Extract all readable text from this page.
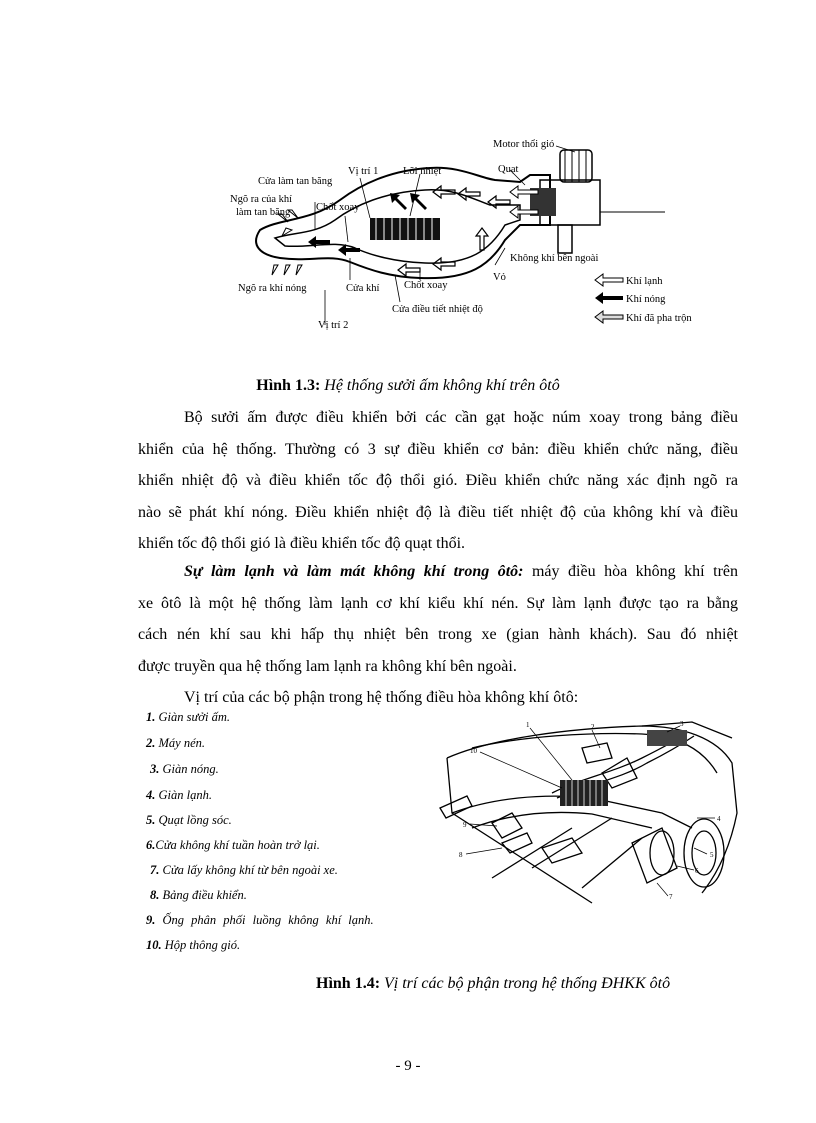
Motor thổi gió
Quạt
Vị trí 1 Lõi nhiệt
Cửa làm tan băng
Ngõ ra của khí
làm tan băng Chốt xoay
Không khí bên ngoài
Vỏ
Ngõ ra khí nóng	Cửa khí Chốt xoay
Cửa điều tiết nhiệt độ
Vị trí 2
Khí lạnh
Khí nóng
Khí đã pha trộn
Hình 1.3: Hệ thống sưởi ấm không khí trên ôtô
Bộ sưởi ấm được điều khiển bởi các cần gạt hoặc núm xoay trong bảng điều
khiển của hệ thống. Thường có 3 sự điều khiển cơ bản: điều khiển chức năng, điều
khiển nhiệt độ và điều khiển tốc độ thổi gió. Điều khiển chức năng xác định ngõ ra
nào sẽ phát khí nóng. Điều khiển nhiệt độ là điều tiết nhiệt độ của không khí và điều
khiển tốc độ thổi gió là điều khiển tốc độ quạt thổi.
Sự làm lạnh và làm mát không khí trong ôtô: máy điều hòa không khí trên
xe ôtô là một hệ thống làm lạnh cơ khí kiểu khí nén. Sự làm lạnh được tạo ra bằng
cách nén khí sau khi hấp thụ nhiệt bên trong xe (gian hành khách). Sau đó nhiệt
được truyền qua hệ thống lam lạnh ra không khí bên ngoài.
Vị trí của các bộ phận trong hệ thống điều hòa không khí ôtô:
1. Giàn sưởi ấm.
2. Máy nén.
3. Giàn nóng.
4. Giàn lạnh.
5. Quạt lồng sóc.
6.Cửa không khí tuần hoàn trở lại.
7. Cửa lấy không khí từ bên ngoài xe.
8. Bảng điều khiển.
9. Ống phân phối luồng không khí lạnh.
10. Hộp thông gió.
1	2	3
4
5
6
7
8
9
10
Hình 1.4: Vị trí các bộ phận trong hệ thống ĐHKK ôtô
- 9 -
